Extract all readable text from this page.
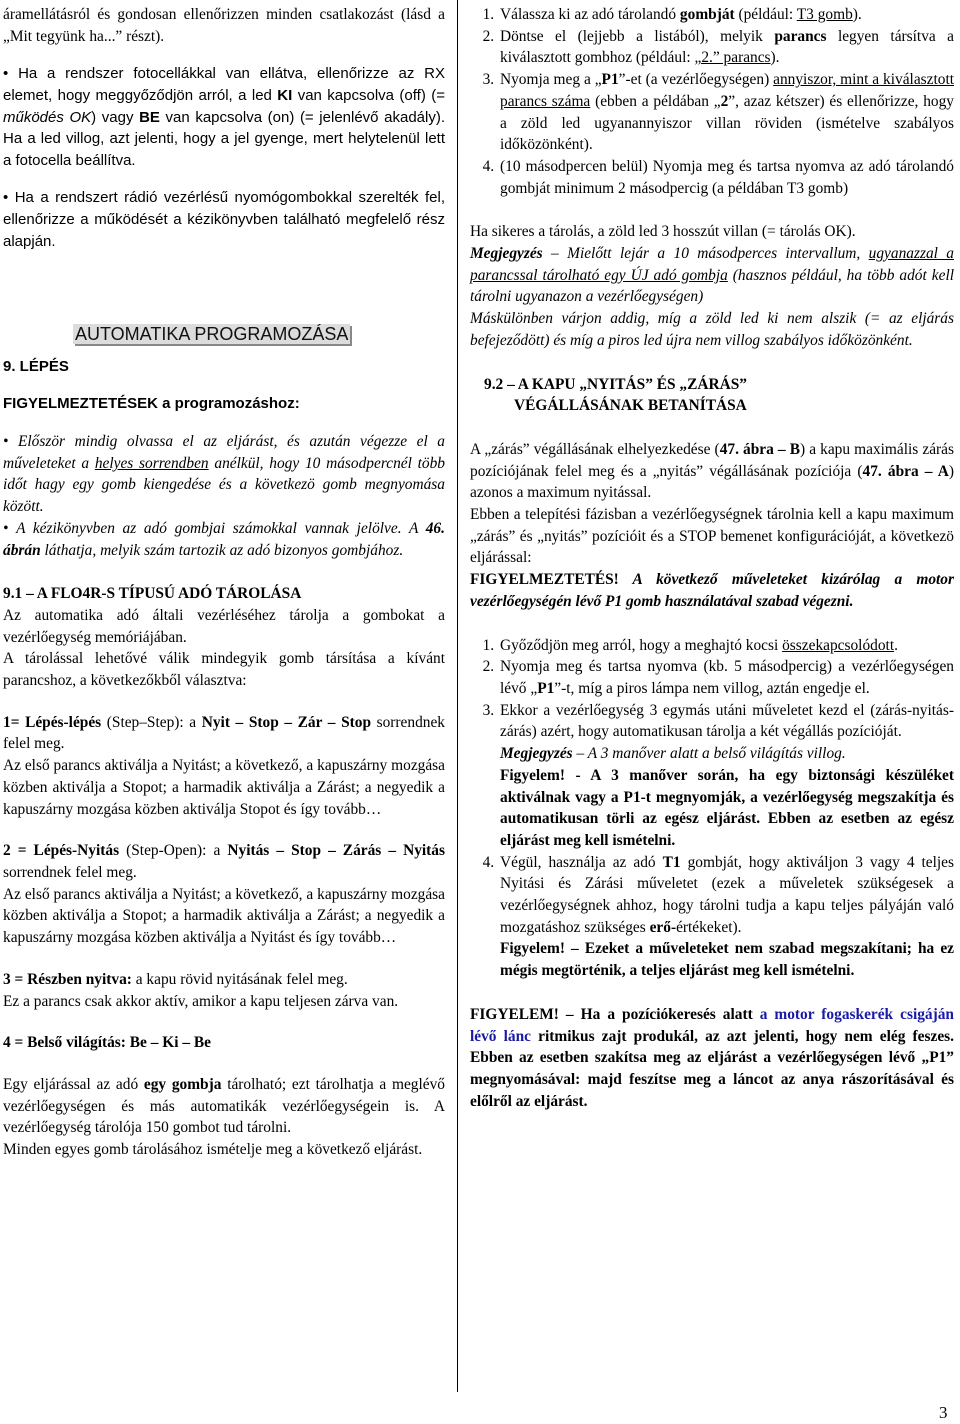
áramellátásról és gondosan ellenőrizzen minden csatlakozást (lásd a „Mit tegyünk ha...” részt).

• Ha a rendszer fotocellákkal van ellátva, ellenőrizze az RX elemet, hogy meggyőződjön arról, a led KI van kapcsolva (off) (= működés OK) vagy BE van kapcsolva (on) (= jelenlévő akadály). Ha a led villog, azt jelenti, hogy a jel gyenge, mert helytelenül lett a fotocella beállítva.

• Ha a rendszert rádió vezérlésű nyomógombokkal szerelték fel, ellenőrizze a működését a kézikönyvben található megfelelő rész alapján.

AUTOMATIKA PROGRAMOZÁSA

9. LÉPÉS

FIGYELMEZTETÉSEK a programozáshoz:

• Először mindig olvassa el az eljárást, és azután végezze el a műveleteket a helyes sorrendben anélkül, hogy 10 másodpercnél több időt hagy egy gomb kiengedése és a következö gomb megnyomása között.

• A kézikönyvben az adó gombjai számokkal vannak jelölve. A 46. ábrán láthatja, melyik szám tartozik az adó bizonyos gombjához.

9.1 – A FLO4R-S TÍPUSÚ ADÓ TÁROLÁSA

Az automatika adó általi vezérléséhez tárolja a gombokat a vezérlőegység memóriájában.

A tárolással lehetővé válik mindegyik gomb társítása a kívánt parancshoz, a következőkből választva:

1= Lépés-lépés (Step–Step): a Nyit – Stop – Zár – Stop sorrendnek felel meg.

Az első parancs aktiválja a Nyitást; a következő, a kapuszárny mozgása közben aktiválja a Stopot; a harmadik aktiválja a Zárást; a negyedik a kapuszárny mozgása közben aktiválja Stopot és így tovább…

2 = Lépés-Nyitás (Step-Open): a Nyitás – Stop – Zárás – Nyitás sorrendnek felel meg.

Az első parancs aktiválja a Nyitást; a következő, a kapuszárny mozgása közben aktiválja a Stopot; a harmadik aktiválja a Zárást; a negyedik a kapuszárny mozgása közben aktiválja a Nyitást és így tovább…

3 = Részben nyitva: a kapu rövid nyitásának felel meg.

Ez a parancs csak akkor aktív, amikor a kapu teljesen zárva van.

4 = Belső világítás: Be – Ki – Be

Egy eljárással az adó egy gombja tárolható; ezt tárolhatja a meglévő vezérlőegységen és más automatikák vezérlőegységein is. A vezérlőegység tárolója 150 gombot tud tárolni.

Minden egyes gomb tárolásához ismételje meg a következő eljárást.

1. Válassza ki az adó tárolandó gombját (például: T3 gomb).
2. Döntse el (lejjebb a listából), melyik parancs legyen társítva a kiválasztott gombhoz (például: „2.” parancs).
3. Nyomja meg a „P1”-et (a vezérlőegységen) annyiszor, mint a kiválasztott parancs száma (ebben a példában „2”, azaz kétszer) és ellenőrizze, hogy a zöld led ugyanannyiszor villan röviden (ismételve szabályos időközönként).
4. (10 másodpercen belül) Nyomja meg és tartsa nyomva az adó tárolandó gombját minimum 2 másodpercig (a példában T3 gomb)

Ha sikeres a tárolás, a zöld led 3 hosszút villan (= tárolás OK).

Megjegyzés – Mielőtt lejár a 10 másodperces intervallum, ugyanazzal a parancssal tárolható egy ÚJ adó gombja (hasznos például, ha több adót kell tárolni ugyanazon a vezérlőegységen)

Máskülönben várjon addig, míg a zöld led ki nem alszik (= az eljárás befejeződött) és míg a piros led újra nem villog szabályos időközönként.

9.2 – A KAPU „NYITÁS” ÉS „ZÁRÁS”

VÉGÁLLÁSÁNAK BETANÍTÁSA

A „zárás” végállásának elhelyezkedése (47. ábra – B) a kapu maximális zárás pozíciójának felel meg és a „nyitás” végállásának pozíciója (47. ábra – A) azonos a maximum nyitással.

Ebben a telepítési fázisban a vezérlőegységnek tárolnia kell a kapu maximum „zárás” és „nyitás” pozícióit és a STOP bemenet konfigurációját, a következö eljárással:

FIGYELMEZTETÉS! A következő műveleteket kizárólag a motor vezérlőegységén lévő P1 gomb használatával szabad végezni.

1. Győződjön meg arról, hogy a meghajtó kocsi összekapcsolódott.
2. Nyomja meg és tartsa nyomva (kb. 5 másodpercig) a vezérlőegységen lévő „P1”-t, míg a piros lámpa nem villog, aztán engedje el.
3. Ekkor a vezérlőegység 3 egymás utáni műveletet kezd el (zárás-nyitás-zárás) azért, hogy automatikusan tárolja a két végállás pozícióját.

Megjegyzés – A 3 manőver alatt a belső világítás villog.

Figyelem! - A 3 manőver során, ha egy biztonsági készüléket aktiválnak vagy a P1-t megnyomják, a vezérlőegység megszakítja és automatikusan törli az egész eljárást. Ebben az esetben az egész eljárást meg kell ismételni.

4. Végül, használja az adó T1 gombját, hogy aktiváljon 3 vagy 4 teljes Nyitási és Zárási műveletet (ezek a műveletek szükségesek a vezérlőegységnek ahhoz, hogy tárolni tudja a kapu teljes pályáján való mozgatáshoz szükséges erő-értékeket).

Figyelem! – Ezeket a műveleteket nem szabad megszakítani; ha ez mégis megtörténik, a teljes eljárást meg kell ismételni.

FIGYELEM! – Ha a pozíciókeresés alatt a motor fogaskerék csigáján lévő lánc ritmikus zajt produkál, az azt jelenti, hogy nem elég feszes. Ebben az esetben szakítsa meg az eljárást a vezérlőegységen lévő „P1” megnyomásával: majd feszítse meg a láncot az anya rászorításával és előlről az eljárást.

3
